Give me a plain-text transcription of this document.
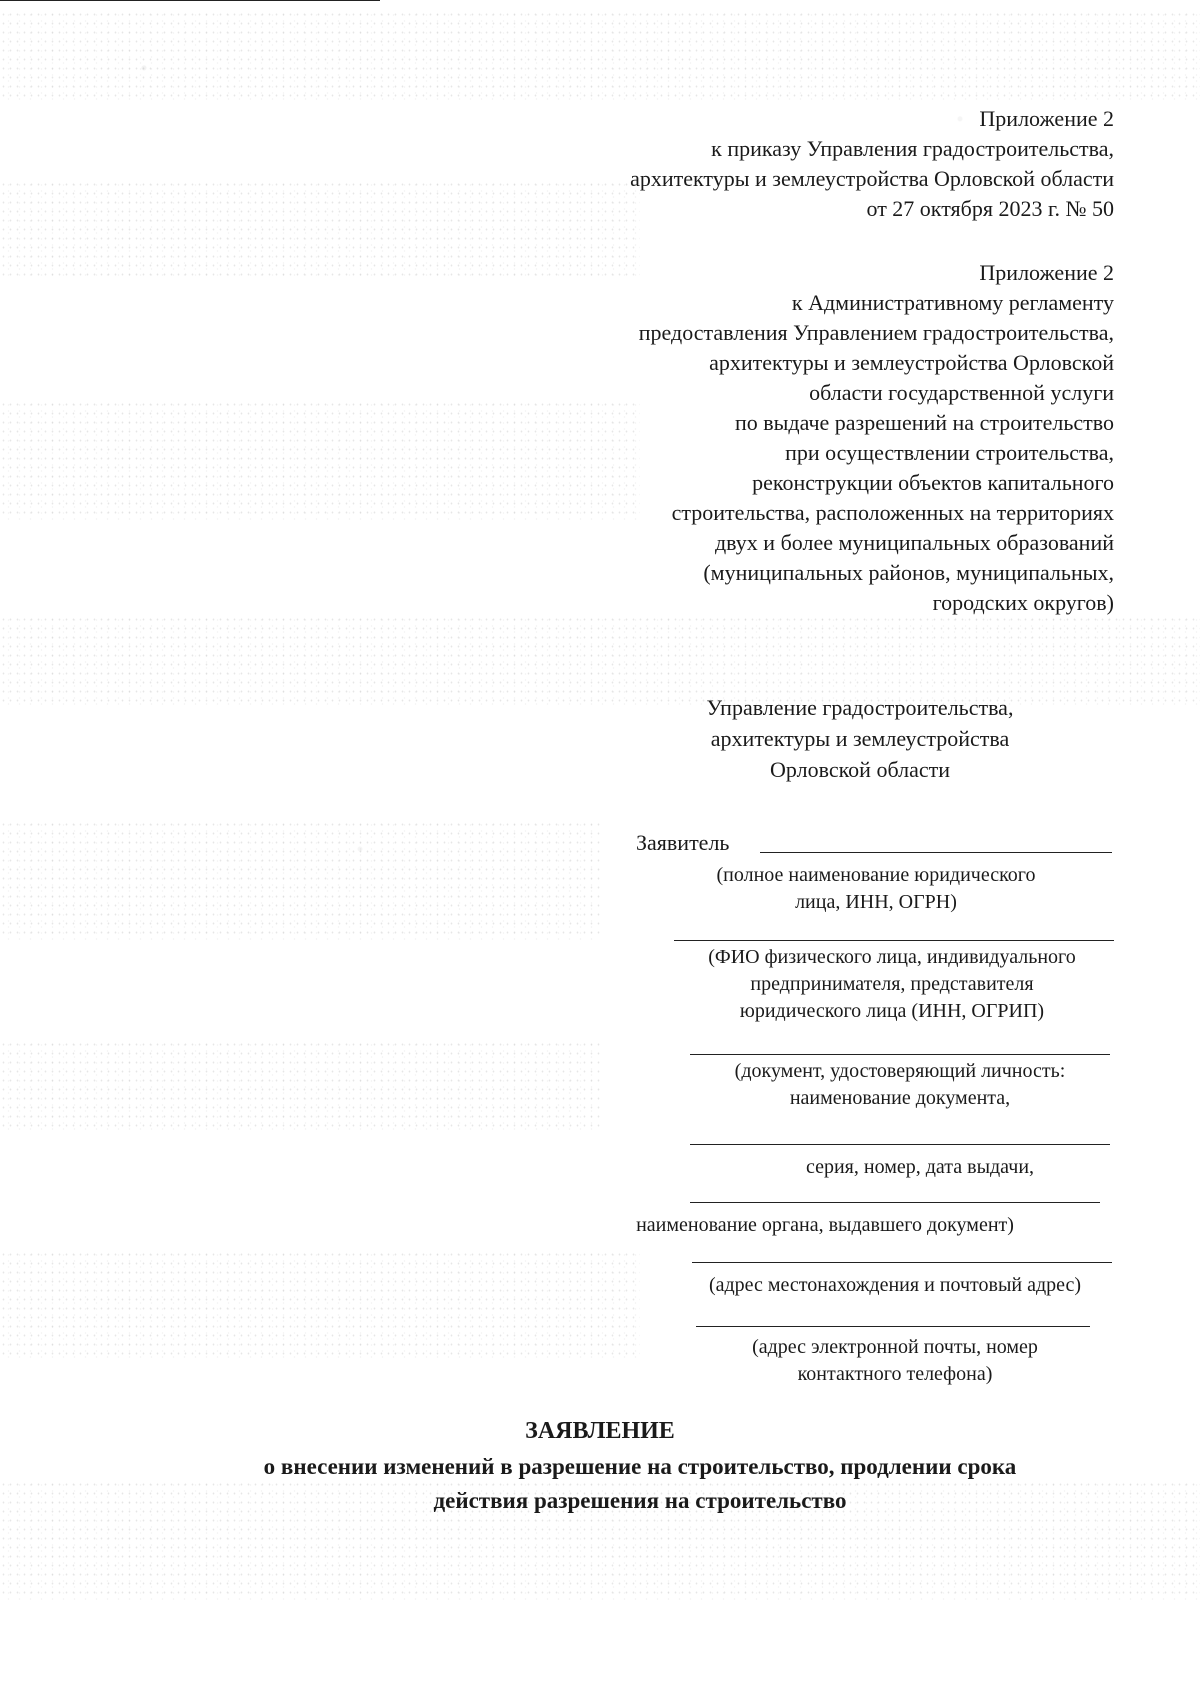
Приложение 2

к приказу Управления градостроительства,

архитектуры и землеустройства Орловской области

от 27 октября 2023 г. № 50

Приложение 2

к Административному регламенту

предоставления Управлением градостроительства,

архитектуры и землеустройства Орловской

области государственной услуги

по выдаче разрешений на строительство

при осуществлении строительства,

реконструкции объектов капитального

строительства, расположенных на территориях

двух и более муниципальных образований

(муниципальных районов, муниципальных,

городских округов)

Управление градостроительства,

архитектуры и землеустройства

Орловской области

Заявитель

(полное наименование юридического

лица, ИНН, ОГРН)

(ФИО физического лица, индивидуального

предпринимателя, представителя

юридического лица (ИНН, ОГРИП)

(документ, удостоверяющий личность:

наименование документа,

серия, номер, дата выдачи,

наименование органа, выдавшего документ)

(адрес местонахождения и почтовый адрес)

(адрес электронной почты, номер

контактного телефона)

ЗАЯВЛЕНИЕ

о внесении изменений в разрешение на строительство, продлении срока

действия разрешения на строительство
